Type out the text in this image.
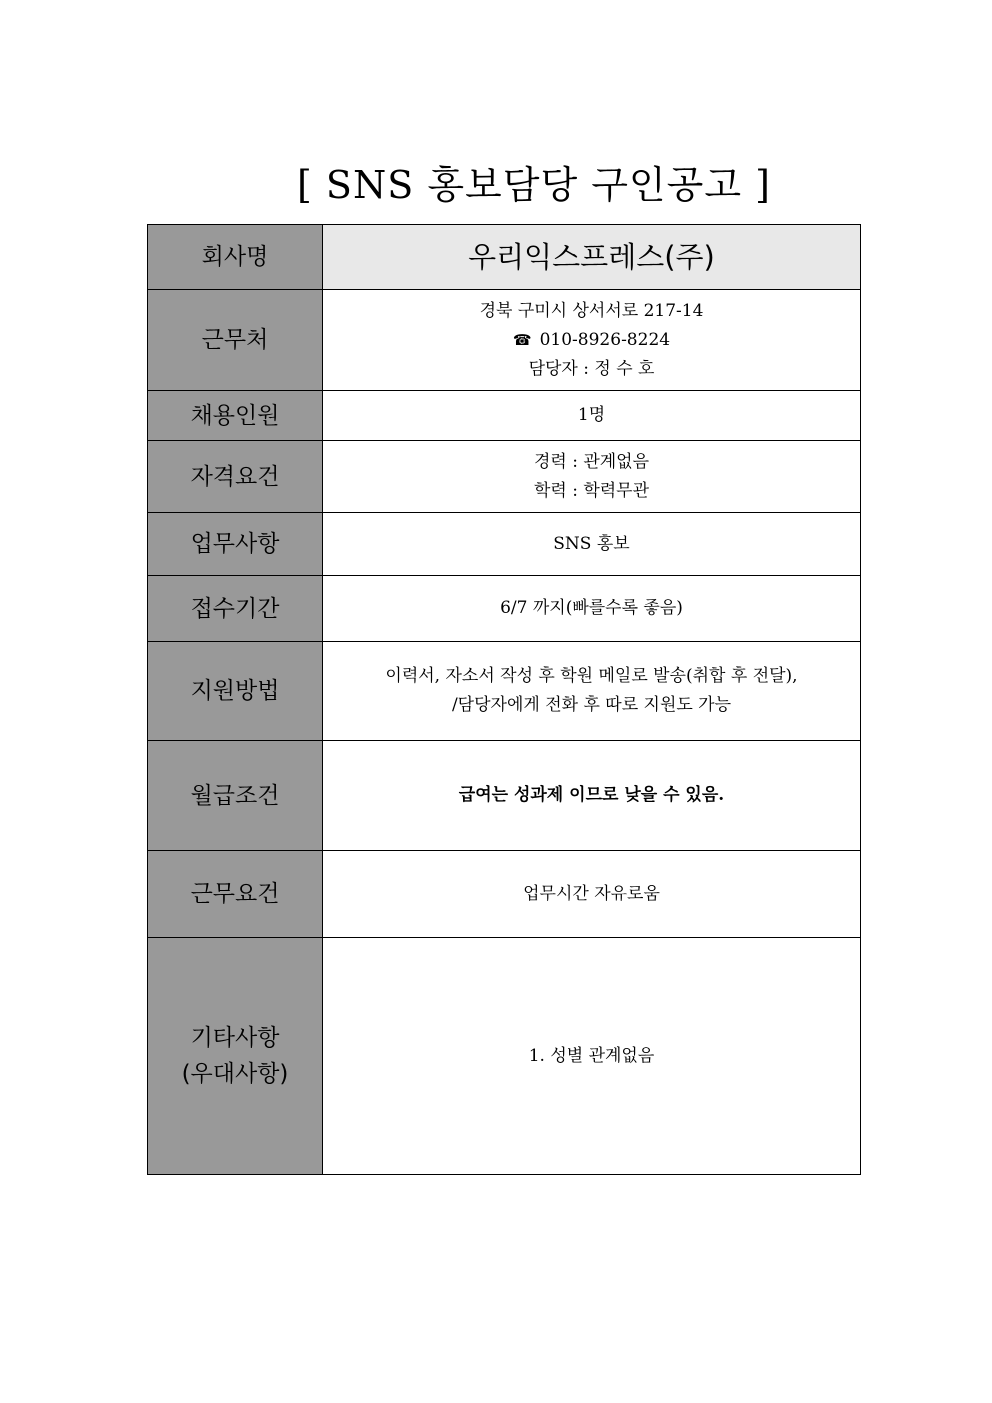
[ SNS 홍보담당 구인공고 ]
회사명	우리익스프레스(주)
근무처	경북 구미시 상서서로 217-14
☎ 010-8926-8224
담당자 : 정 수 호

채용인원	1명
자격요건	경력 : 관계없음
학력 : 학력무관

업무사항	SNS 홍보
접수기간	6/7 까지(빠를수록 좋음)
지원방법	이력서, 자소서 작성 후 학원 메일로 발송(취합 후 전달),
/담당자에게 전화 후 따로 지원도 가능

월급조건	급여는 성과제 이므로 낮을 수 있음.
근무요건	업무시간 자유로움

기타사항
(우대사항)	1. 성별 관계없음
